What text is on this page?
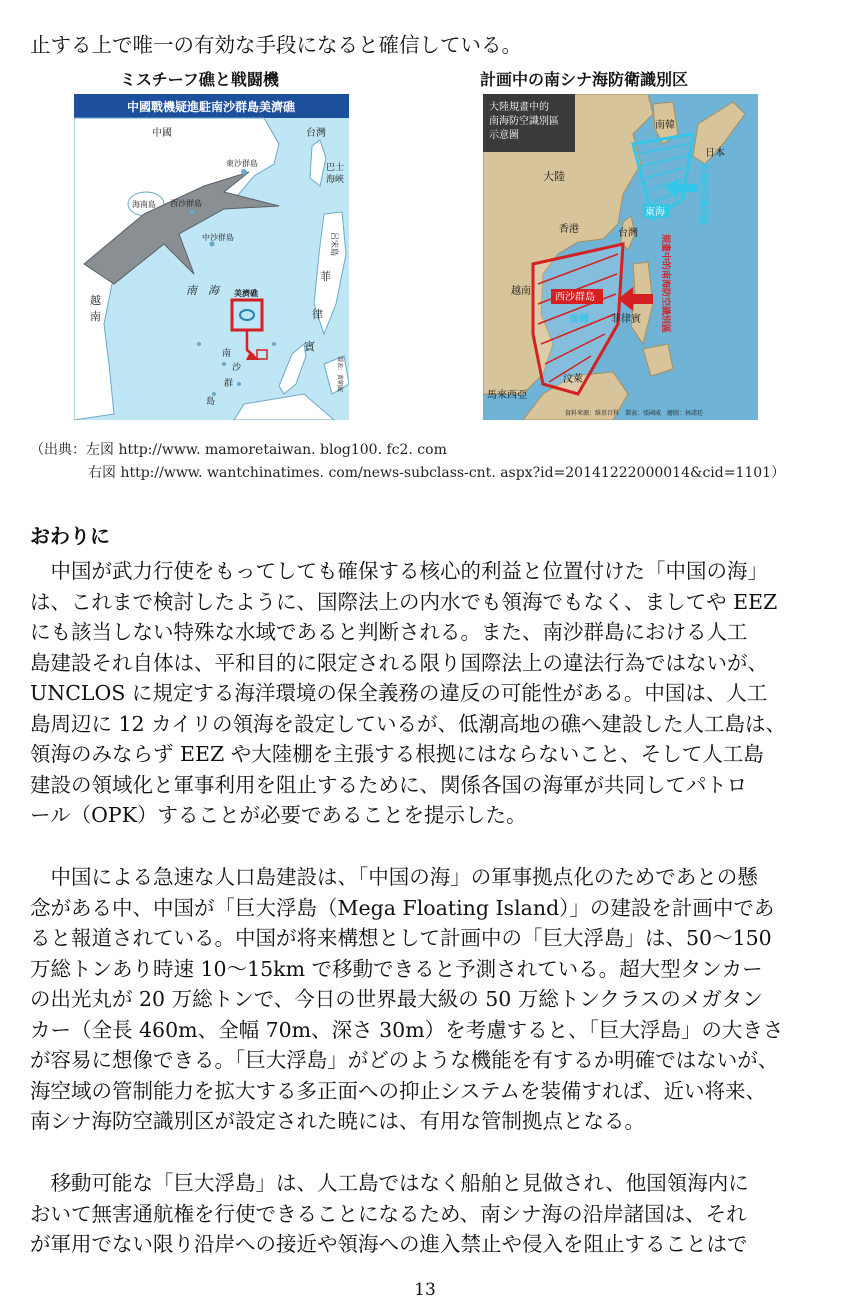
止する上で唯一の有効な手段になると確信している。
ミスチーフ礁と戦闘機	計画中の南シナ海防衛識別区
中國戰機疑進駐南沙群島美濟礁
中國	台灣
東沙群島	巴士
海峽
海南島 西沙群島
中沙群島	呂宋島
越
南
南　海
菲
律
賓
美濟礁
南
沙
群
島
製表：黃朝鋐
大陸規畫中的
南海防空識別區
示意圖
西沙群島
東海
南海
南韓
日本
大陸
香港	台灣
越南
菲律賓
汶萊
馬來西亞
東海防空識別區
規畫中的南海防空識別區
資料來源：維基百科　製表：張國威　繪圖：林諾廷
（出典：左図 http://www. mamoretaiwan. blog100. fc2. com
右図 http://www. wantchinatimes. com/news-subclass-cnt. aspx?id=20141222000014&cid=1101）
おわりに

　中国が武力行使をもってしても確保する核心的利益と位置付けた「中国の海」

は、これまで検討したように、国際法上の内水でも領海でもなく、ましてや EEZ

にも該当しない特殊な水域であると判断される。また、南沙群島における人工

島建設それ自体は、平和目的に限定される限り国際法上の違法行為ではないが、

UNCLOS に規定する海洋環境の保全義務の違反の可能性がある。中国は、人工

島周辺に 12 カイリの領海を設定しているが、低潮高地の礁へ建設した人工島は、

領海のみならず EEZ や大陸棚を主張する根拠にはならないこと、そして人工島

建設の領域化と軍事利用を阻止するために、関係各国の海軍が共同してパトロ

ール（OPK）することが必要であることを提示した。

　中国による急速な人口島建設は、「中国の海」の軍事拠点化のためであとの懸

念がある中、中国が「巨大浮島（Mega Floating Island）」の建設を計画中であ

ると報道されている。中国が将来構想として計画中の「巨大浮島」は、50〜150

万総トンあり時速 10〜15km で移動できると予測されている。超大型タンカー

の出光丸が 20 万総トンで、今日の世界最大級の 50 万総トンクラスのメガタン

カー（全長 460m、全幅 70m、深さ 30m）を考慮すると、「巨大浮島」の大きさ

が容易に想像できる。「巨大浮島」がどのような機能を有するか明確ではないが、

海空域の管制能力を拡大する多正面への抑止システムを装備すれば、近い将来、

南シナ海防空識別区が設定された暁には、有用な管制拠点となる。

　移動可能な「巨大浮島」は、人工島ではなく船舶と見做され、他国領海内に

おいて無害通航権を行使できることになるため、南シナ海の沿岸諸国は、それ

が軍用でない限り沿岸への接近や領海への進入禁止や侵入を阻止することはで

13
